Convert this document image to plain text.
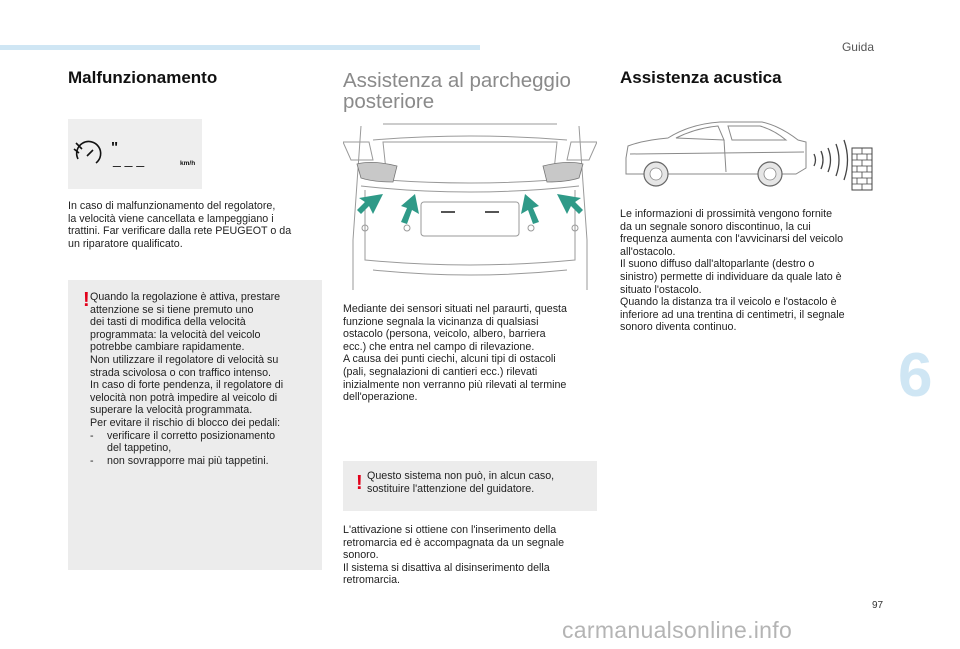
Guida
6
Malfunzionamento
"
_ _ _	km/h
In caso di malfunzionamento del regolatore,
la velocità viene cancellata e lampeggiano i
trattini. Far verificare dalla rete PEUGEOT o da
un riparatore qualificato.
! Quando la regolazione è attiva, prestare
attenzione se si tiene premuto uno
dei tasti di modifica della velocità
programmata: la velocità del veicolo
potrebbe cambiare rapidamente.
Non utilizzare il regolatore di velocità su
strada scivolosa o con traffico intenso.
In caso di forte pendenza, il regolatore di
velocità non potrà impedire al veicolo di
superare la velocità programmata.
Per evitare il rischio di blocco dei pedali:
-	verificare il corretto posizionamento
del tappetino,
-	non sovrapporre mai più tappetini.
Assistenza al parcheggio
posteriore
Mediante dei sensori situati nel paraurti, questa
funzione segnala la vicinanza di qualsiasi
ostacolo (persona, veicolo, albero, barriera
ecc.) che entra nel campo di rilevazione.
A causa dei punti ciechi, alcuni tipi di ostacoli
(pali, segnalazioni di cantieri ecc.) rilevati
inizialmente non verranno più rilevati al termine
dell'operazione.
! Questo sistema non può, in alcun caso,
sostituire l'attenzione del guidatore.
L'attivazione si ottiene con l'inserimento della
retromarcia ed è accompagnata da un segnale
sonoro.
Il sistema si disattiva al disinserimento della
retromarcia.
Assistenza acustica
Le informazioni di prossimità vengono fornite
da un segnale sonoro discontinuo, la cui
frequenza aumenta con l'avvicinarsi del veicolo
all'ostacolo.
Il suono diffuso dall'altoparlante (destro o
sinistro) permette di individuare da quale lato è
situato l'ostacolo.
Quando la distanza tra il veicolo e l'ostacolo è
inferiore ad una trentina di centimetri, il segnale
sonoro diventa continuo.
97
carmanualsonline.info
